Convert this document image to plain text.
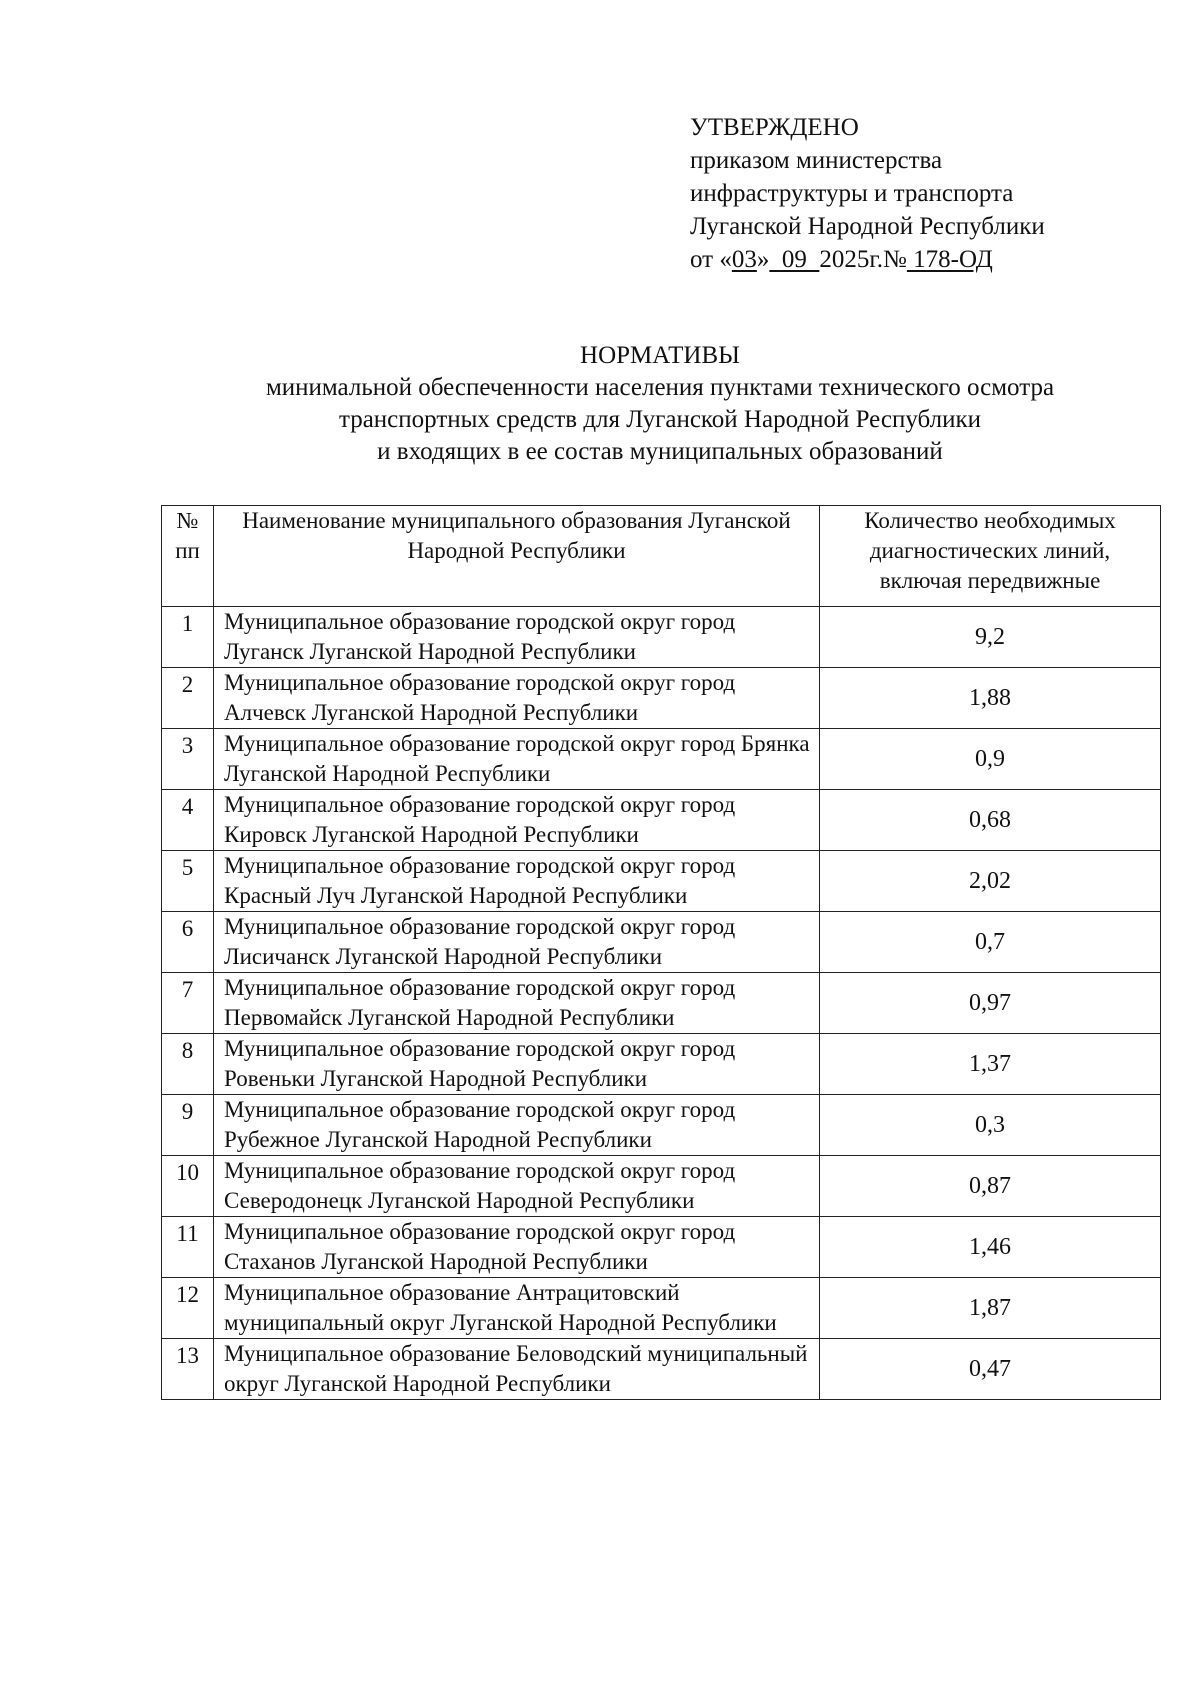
УТВЕРЖДЕНО
приказом министерства
инфраструктуры и транспорта
Луганской Народной Республики
от «03»  09  2025г.№ 178-ОД
НОРМАТИВЫ
минимальной обеспеченности населения пунктами технического осмотра
транспортных средств для Луганской Народной Республики
и входящих в ее состав муниципальных образований
№ пп	Наименование муниципального образования Луганской Народной Республики	Количество необходимых диагностических линий, включая передвижные
1	Муниципальное образование городской округ город Луганск Луганской Народной Республики	9,2
2	Муниципальное образование городской округ город Алчевск Луганской Народной Республики	1,88
3	Муниципальное образование городской округ город Брянка Луганской Народной Республики	0,9
4	Муниципальное образование городской округ город Кировск Луганской Народной Республики	0,68
5	Муниципальное образование городской округ город Красный Луч Луганской Народной Республики	2,02
6	Муниципальное образование городской округ город Лисичанск Луганской Народной Республики	0,7
7	Муниципальное образование городской округ город Первомайск Луганской Народной Республики	0,97
8	Муниципальное образование городской округ город Ровеньки Луганской Народной Республики	1,37
9	Муниципальное образование городской округ город Рубежное Луганской Народной Республики	0,3
10	Муниципальное образование городской округ город Северодонецк Луганской Народной Республики	0,87
11	Муниципальное образование городской округ город Стаханов Луганской Народной Республики	1,46
12	Муниципальное образование Антрацитовский муниципальный округ Луганской Народной Республики	1,87
13	Муниципальное образование Беловодский муниципальный округ Луганской Народной Республики	0,47
